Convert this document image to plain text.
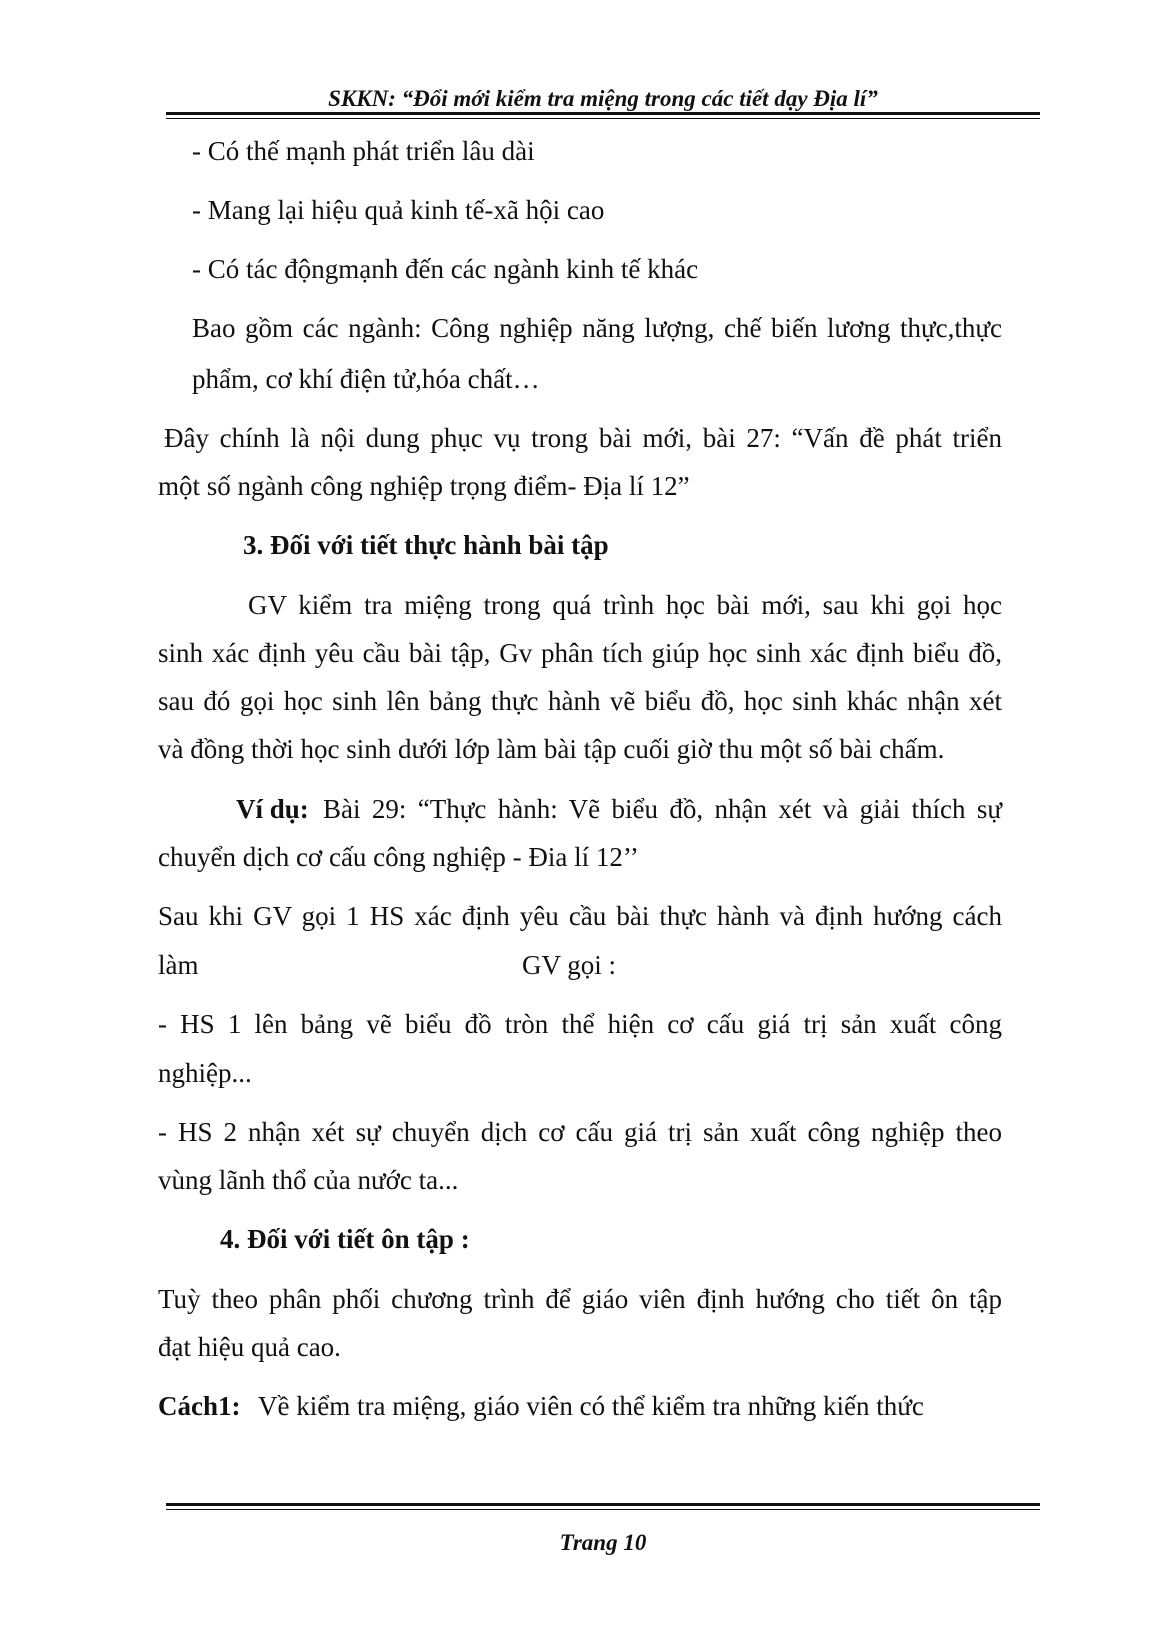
SKKN: “Đổi mới kiểm tra miệng trong các tiết dạy Địa lí”
- Có thế mạnh phát triển lâu dài
- Mang lại hiệu quả kinh tế-xã hội cao
- Có tác độngmạnh đến các ngành kinh tế khác
Bao gồm các ngành: Công nghiệp năng lượng, chế biến lương thực,thực
phẩm, cơ khí điện tử,hóa chất…
Đây chính là nội dung phục vụ trong bài mới, bài 27: “Vấn đề phát triển
một số ngành công nghiệp trọng điểm- Địa lí 12”
3. Đối với tiết thực hành bài tập
GV kiểm tra miệng trong quá trình học bài mới, sau khi gọi học
sinh xác định yêu cầu bài tập, Gv phân tích giúp học sinh xác định biểu đồ,
sau đó gọi học sinh lên bảng thực hành vẽ biểu đồ, học sinh khác nhận xét
và đồng thời học sinh dưới lớp làm bài tập cuối giờ thu một số bài chấm.
Ví dụ: Bài 29: “Thực hành: Vẽ biểu đồ, nhận xét và giải thích sự
chuyển dịch cơ cấu công nghiệp - Đia lí 12’’
Sau khi GV gọi 1 HS xác định yêu cầu bài thực hành và định hướng cách
làm	GV gọi :
- HS 1 lên bảng vẽ biểu đồ tròn thể hiện cơ cấu giá trị sản xuất công
nghiệp...
- HS 2 nhận xét sự chuyển dịch cơ cấu giá trị sản xuất công nghiệp theo
vùng lãnh thổ của nước ta...
4. Đối với tiết ôn tập :
Tuỳ theo phân phối chương trình để giáo viên định hướng cho tiết ôn tập
đạt hiệu quả cao.
Cách1: Về kiểm tra miệng, giáo viên có thể kiểm tra những kiến thức
Trang 10
